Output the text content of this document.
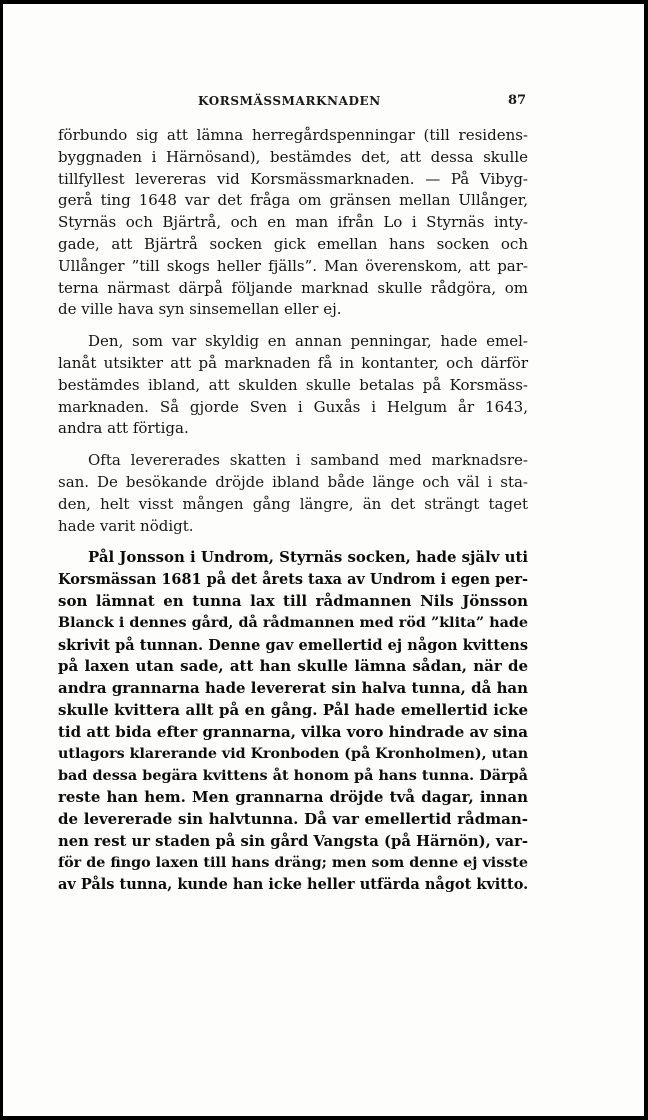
KORSMÄSSMARKNADEN	87
förbundo sig att lämna herregårdspenningar (till residens-
byggnaden i Härnösand), bestämdes det, att dessa skulle
tillfyllest levereras vid Korsmässmarknaden. — På Vibyg-
gerå ting 1648 var det fråga om gränsen mellan Ullånger,
Styrnäs och Bjärtrå, och en man ifrån Lo i Styrnäs inty-
gade, att Bjärtrå socken gick emellan hans socken och
Ullånger ”till skogs heller fjälls”. Man överenskom, att par-
terna närmast därpå följande marknad skulle rådgöra, om
de ville hava syn sinsemellan eller ej.
Den, som var skyldig en annan penningar, hade emel-
lanåt utsikter att på marknaden få in kontanter, och därför
bestämdes ibland, att skulden skulle betalas på Korsmäss-
marknaden. Så gjorde Sven i Guxås i Helgum år 1643,
andra att förtiga.
Ofta levererades skatten i samband med marknadsre-
san. De besökande dröjde ibland både länge och väl i sta-
den, helt visst mången gång längre, än det strängt taget
hade varit nödigt.
Pål Jonsson i Undrom, Styrnäs socken, hade själv uti
Korsmässan 1681 på det årets taxa av Undrom i egen per-
son lämnat en tunna lax till rådmannen Nils Jönsson
Blanck i dennes gård, då rådmannen med röd ”klita” hade
skrivit på tunnan. Denne gav emellertid ej någon kvittens
på laxen utan sade, att han skulle lämna sådan, när de
andra grannarna hade levererat sin halva tunna, då han
skulle kvittera allt på en gång. Pål hade emellertid icke
tid att bida efter grannarna, vilka voro hindrade av sina
utlagors klarerande vid Kronboden (på Kronholmen), utan
bad dessa begära kvittens åt honom på hans tunna. Därpå
reste han hem. Men grannarna dröjde två dagar, innan
de levererade sin halvtunna. Då var emellertid rådman-
nen rest ur staden på sin gård Vangsta (på Härnön), var-
för de fingo laxen till hans dräng; men som denne ej visste
av Påls tunna, kunde han icke heller utfärda något kvitto.
